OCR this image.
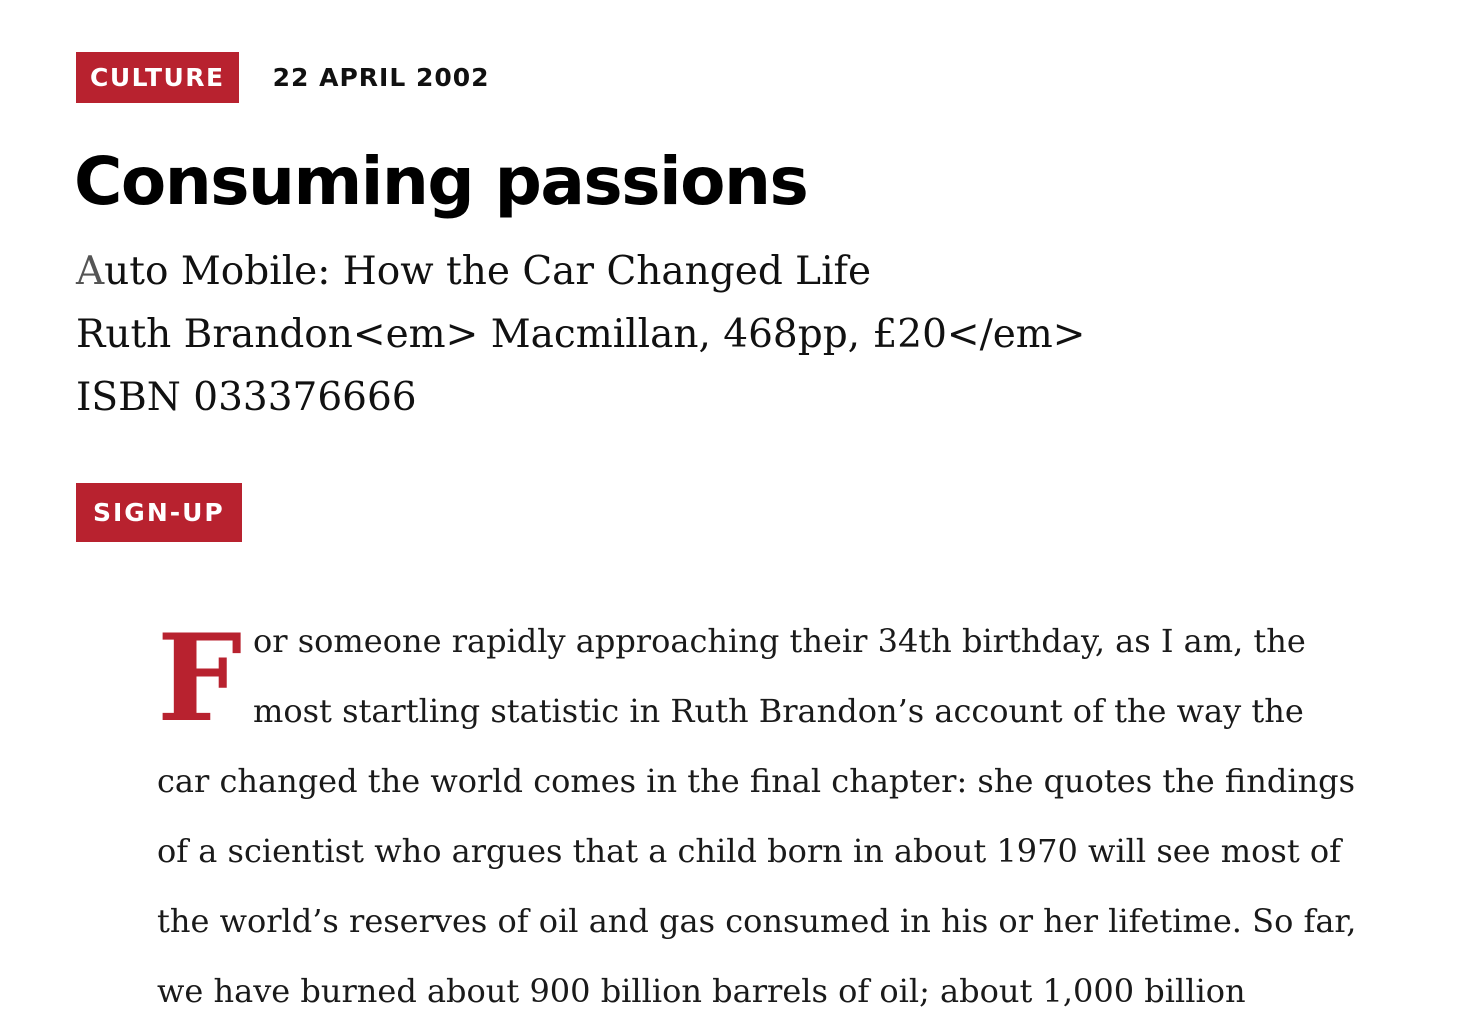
CULTURE	22 APRIL 2002
Consuming passions
Auto Mobile: How the Car Changed Life
Ruth Brandon<em> Macmillan, 468pp, £20</em>
ISBN 033376666
SIGN-UP
F or someone rapidly approaching their 34th birthday, as I am, the
most startling statistic in Ruth Brandon’s account of the way the
car changed the world comes in the final chapter: she quotes the findings
of a scientist who argues that a child born in about 1970 will see most of
the world’s reserves of oil and gas consumed in his or her lifetime. So far,
we have burned about 900 billion barrels of oil; about 1,000 billion
